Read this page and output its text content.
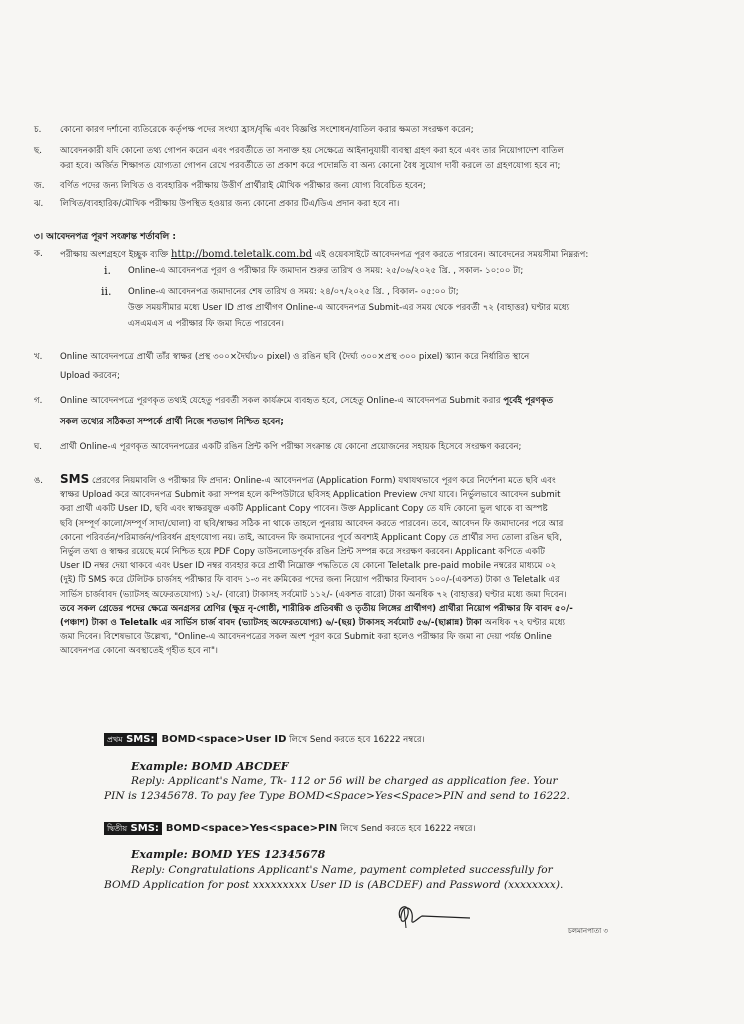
চ. কোনো কারণ দর্শানো ব্যতিরেকে কর্তৃপক্ষ পদের সংখ্যা হ্রাস/বৃদ্ধি এবং বিজ্ঞপ্তি সংশোধন/বাতিল করার ক্ষমতা সংরক্ষণ করেন;
ছ. আবেদনকারী যদি কোনো তথ্য গোপন করেন এবং পরবর্তীতে তা সনাক্ত হয় সেক্ষেত্রে আইনানুযায়ী ব্যবস্থা গ্রহণ করা হবে এবং তার নিয়োগাদেশ বাতিল
করা হবে। অর্জিত শিক্ষাগত যোগ্যতা গোপন রেখে পরবর্তীতে তা প্রকাশ করে পদোন্নতি বা অন্য কোনো বৈধ সুযোগ দাবী করলে তা গ্রহণযোগ্য হবে না;
জ. বর্ণিত পদের জন্য লিখিত ও ব্যবহারিক পরীক্ষায় উত্তীর্ণ প্রার্থীরাই মৌখিক পরীক্ষার জন্য যোগ্য বিবেচিত হবেন;
ঝ. লিখিত/ব্যবহারিক/মৌখিক পরীক্ষায় উপস্থিত হওয়ার জন্য কোনো প্রকার টিএ/ডিএ প্রদান করা হবে না।
৩। আবেদনপত্র পূরণ সংক্রান্ত শর্তাবলি :
ক. পরীক্ষায় অংশগ্রহণে ইচ্ছুক ব্যক্তি http://bomd.teletalk.com.bd এই ওয়েবসাইটে আবেদনপত্র পূরণ করতে পারবেন। আবেদনের সময়সীমা নিম্নরূপ:
i. Online-এ আবেদনপত্র পূরণ ও পরীক্ষার ফি জমাদান শুরুর তারিখ ও সময়: ২৫/০৬/২০২৫ খ্রি. , সকাল- ১০:০০ টা;
ii. Online-এ আবেদনপত্র জমাদানের শেষ তারিখ ও সময়: ২৪/০৭/২০২৫ খ্রি. , বিকাল- ০৫:০০ টা;
উক্ত সময়সীমার মধ্যে User ID প্রাপ্ত প্রার্থীগণ Online-এ আবেদনপত্র Submit-এর সময় থেকে পরবর্তী ৭২ (বাহাত্তর) ঘণ্টার মধ্যে
এসএমএস এ পরীক্ষার ফি জমা দিতে পারবেন।
খ. Online আবেদনপত্রে প্রার্থী তাঁর স্বাক্ষর (প্রস্থ ৩০০×দৈর্ঘ্য৮০ pixel) ও রঙিন ছবি (দৈর্ঘ্য ৩০০×প্রস্থ ৩০০ pixel) স্ক্যান করে নির্ধারিত স্থানে
Upload করবেন;
গ. Online আবেদনপত্রে পূরণকৃত তথ্যই যেহেতু পরবর্তী সকল কার্যক্রমে ব্যবহৃত হবে, সেহেতু Online-এ আবেদনপত্র Submit করার পূর্বেই পূরণকৃত
সকল তথ্যের সঠিকতা সম্পর্কে প্রার্থী নিজে শতভাগ নিশ্চিত হবেন;
ঘ. প্রার্থী Online-এ পূরণকৃত আবেদনপত্রের একটি রঙিন প্রিন্ট কপি পরীক্ষা সংক্রান্ত যে কোনো প্রয়োজনের সহায়ক হিসেবে সংরক্ষণ করবেন;
ঙ. SMS প্রেরণের নিয়মাবলি ও পরীক্ষার ফি প্রদান: Online-এ আবেদনপত্র (Application Form) যথাযথভাবে পূরণ করে নির্দেশনা মতে ছবি এবং

স্বাক্ষর Upload করে আবেদনপত্র Submit করা সম্পন্ন হলে কম্পিউটারে ছবিসহ Application Preview দেখা যাবে। নির্ভুলভাবে আবেদন submit

করা প্রার্থী একটি User ID, ছবি এবং স্বাক্ষরযুক্ত একটি Applicant Copy পাবেন। উক্ত Applicant Copy তে যদি কোনো ভুল থাকে বা অস্পষ্ট

ছবি (সম্পূর্ণ কালো/সম্পূর্ণ সাদা/ঘোলা) বা ছবি/স্বাক্ষর সঠিক না থাকে তাহলে পুনরায় আবেদন করতে পারবেন। তবে, আবেদন ফি জমাদানের পরে আর

কোনো পরিবর্তন/পরিমার্জন/পরিবর্ধন গ্রহণযোগ্য নয়। তাই, আবেদন ফি জমাদানের পূর্বে অবশ্যই Applicant Copy তে প্রার্থীর সদ্য তোলা রঙিন ছবি,

নির্ভুল তথ্য ও স্বাক্ষর রয়েছে মর্মে নিশ্চিত হয়ে PDF Copy ডাউনলোডপূর্বক রঙিন প্রিন্ট সম্পন্ন করে সংরক্ষণ করবেন। Applicant কপিতে একটি

User ID নম্বর দেয়া থাকবে এবং User ID নম্বর ব্যবহার করে প্রার্থী নিম্নোক্ত পদ্ধতিতে যে কোনো Teletalk pre-paid mobile নম্বরের মাধ্যমে ০২

(দুই) টি SMS করে টেলিটক চার্জসহ পরীক্ষার ফি বাবদ ১-৩ নং ক্রমিকের পদের জন্য নিয়োগ পরীক্ষার ফিবাবদ ১০০/-(একশত) টাকা ও Teletalk এর

সার্ভিস চার্জবাবদ (ভ্যাটসহ অফেরতযোগ্য) ১২/- (বারো) টাকাসহ সর্বমোট ১১২/- (একশত বারো) টাকা অনধিক ৭২ (বাহাত্তর) ঘণ্টার মধ্যে জমা দিবেন।

তবে সকল গ্রেডের পদের ক্ষেত্রে অনগ্রসর শ্রেণির (ক্ষুদ্র নৃ-গোষ্ঠী, শারীরিক প্রতিবন্ধী ও তৃতীয় লিঙ্গের প্রার্থীগণ) প্রার্থীরা নিয়োগ পরীক্ষার ফি বাবদ ৫০/-

(পঞ্চাশ) টাকা ও Teletalk এর সার্ভিস চার্জ বাবদ (ভ্যাটসহ অফেরতযোগ্য) ৬/-(ছয়) টাকাসহ সর্বমোট ৫৬/-(ছাপ্পান্ন) টাকা অনধিক ৭২ ঘণ্টার মধ্যে

জমা দিবেন। বিশেষভাবে উল্লেখ্য, "Online-এ আবেদনপত্রের সকল অংশ পূরণ করে Submit করা হলেও পরীক্ষার ফি জমা না দেয়া পর্যন্ত Online

আবেদনপত্র কোনো অবস্থাতেই গৃহীত হবে না"।

প্রথম SMS: BOMD<space>User ID লিখে Send করতে হবে 16222 নম্বরে।
Example: BOMD ABCDEF
Reply: Applicant's Name, Tk- 112 or 56 will be charged as application fee. Your
PIN is 12345678. To pay fee Type BOMD<Space>Yes<Space>PIN and send to 16222.
দ্বিতীয় SMS: BOMD<space>Yes<space>PIN লিখে Send করতে হবে 16222 নম্বরে।
Example: BOMD YES 12345678
Reply: Congratulations Applicant's Name, payment completed successfully for
BOMD Application for post xxxxxxxxx User ID is (ABCDEF) and Password (xxxxxxxx).
চলমানপাতা ৩
